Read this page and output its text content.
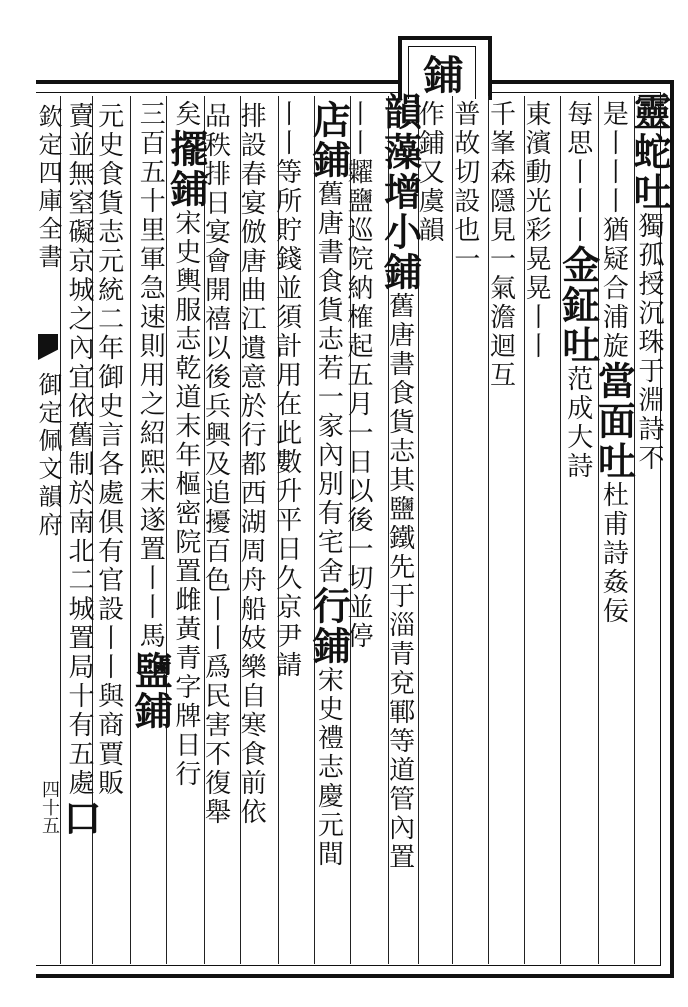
鋪
欽定四庫全書
御定佩文韻府
四十五
靈蛇吐獨孤授沉珠于淵詩不
是丨丨丨猶疑合浦旋當面吐杜甫詩姦佞
每思丨丨丨金鉦吐范成大詩
東濱動光彩晃晃丨丨
千峯森隱見一氣澹迴互
普故切設也一
作鋪又虞韻
韻藻增小鋪舊唐書食貨志其鹽鐵先于淄青兗鄆等道管內置
丨丨糶鹽巡院納榷起五月一日以後一切並停
店鋪舊唐書食貨志若一家內別有宅舍行鋪宋史禮志慶元間
丨丨等所貯錢並須計用在此數升平日久京尹請
排設春宴倣唐曲江遺意於行都西湖周舟船妓樂自寒食前依
品秩排日宴會開禧以後兵興及追擾百色丨丨爲民害不復舉
矣擺鋪宋史輿服志乾道末年樞密院置雌黃青字牌日行
三百五十里軍急速則用之紹熙末遂置丨丨馬鹽鋪
元史食貨志元統二年御史言各處俱有官設丨丨與商賈販
賣並無窒礙京城之內宜依舊制於南北二城置局十有五處口
